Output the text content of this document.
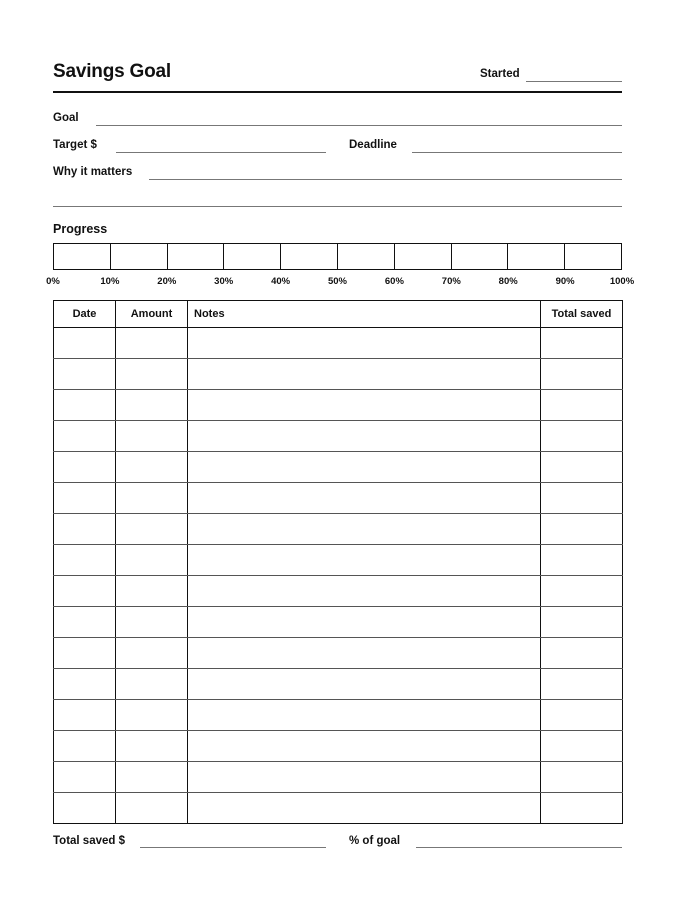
Savings Goal	Started
Goal
Target $	Deadline
Why it matters
Progress
0%	10%	20%	30%	40%	50%	60%	70%	80%	90%	100%
Date	Amount	Notes	Total saved

Total saved $	% of goal
